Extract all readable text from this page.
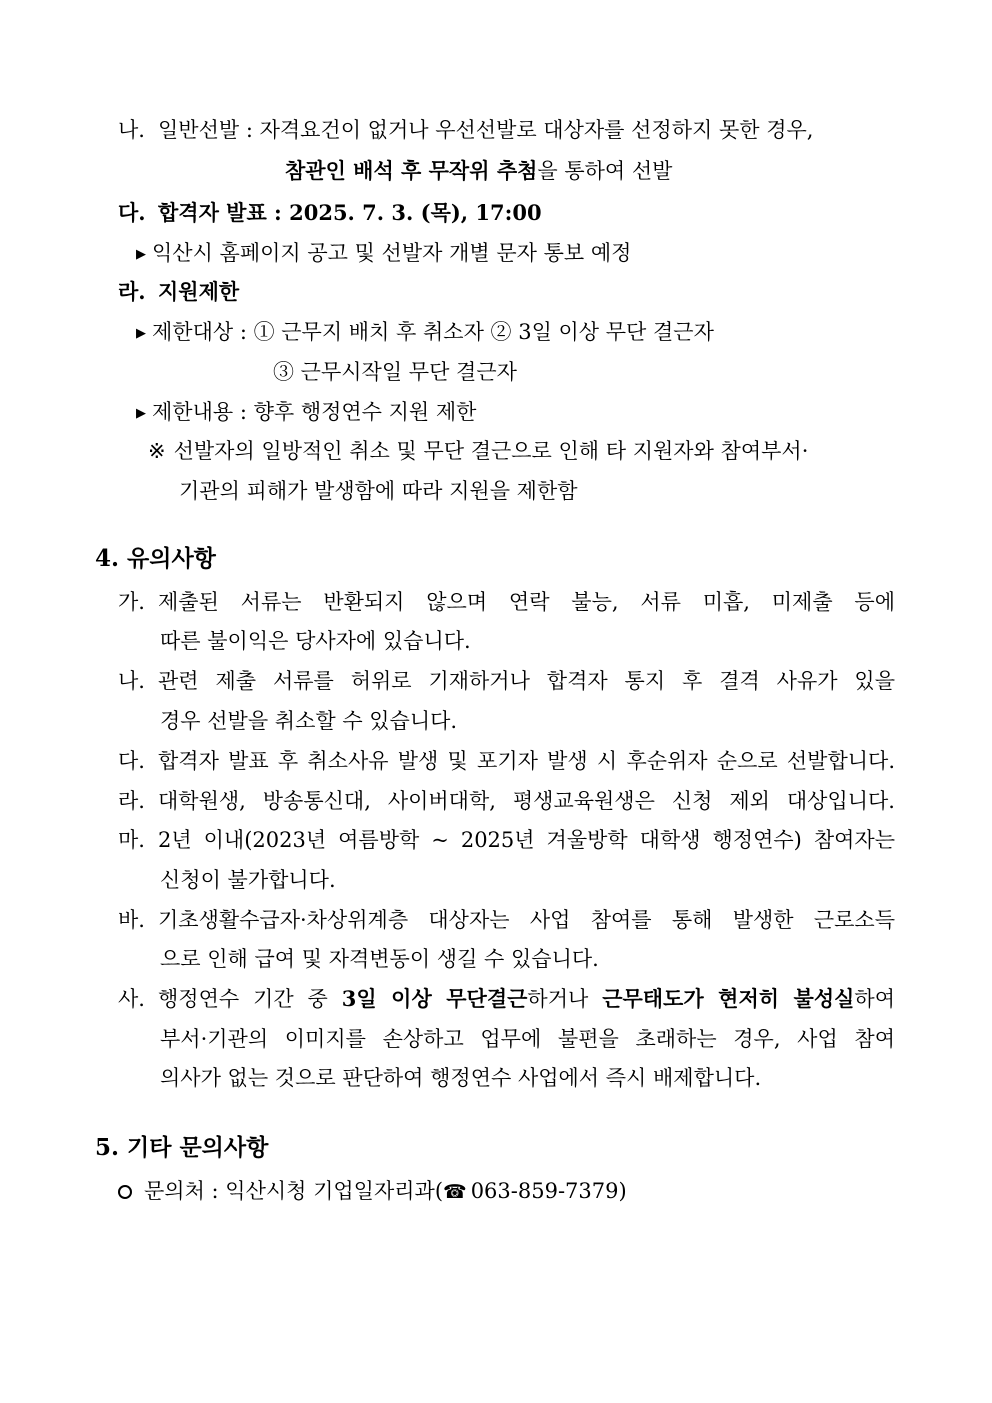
나. 일반선발 : 자격요건이 없거나 우선선발로 대상자를 선정하지 못한 경우,
참관인 배석 후 무작위 추첨을 통하여 선발
다. 합격자 발표 : 2025. 7. 3. (목), 17:00
▶ 익산시 홈페이지 공고 및 선발자 개별 문자 통보 예정
라. 지원제한
▶ 제한대상 : ① 근무지 배치 후 취소자 ② 3일 이상 무단 결근자
③ 근무시작일 무단 결근자
▶ 제한내용 : 향후 행정연수 지원 제한
※ 선발자의 일방적인 취소 및 무단 결근으로 인해 타 지원자와 참여부서·
기관의 피해가 발생함에 따라 지원을 제한함
4. 유의사항
가. 제출된 서류는 반환되지 않으며 연락 불능, 서류 미흡, 미제출 등에
따른 불이익은 당사자에 있습니다.
나. 관련 제출 서류를 허위로 기재하거나 합격자 통지 후 결격 사유가 있을
경우 선발을 취소할 수 있습니다.
다. 합격자 발표 후 취소사유 발생 및 포기자 발생 시 후순위자 순으로 선발합니다.
라. 대학원생, 방송통신대, 사이버대학, 평생교육원생은 신청 제외 대상입니다.
마. 2년 이내(2023년 여름방학 ~ 2025년 겨울방학 대학생 행정연수) 참여자는
신청이 불가합니다.
바. 기초생활수급자·차상위계층 대상자는 사업 참여를 통해 발생한 근로소득
으로 인해 급여 및 자격변동이 생길 수 있습니다.
사. 행정연수 기간 중 3일 이상 무단결근하거나 근무태도가 현저히 불성실하여
부서·기관의 이미지를 손상하고 업무에 불편을 초래하는 경우, 사업 참여
의사가 없는 것으로 판단하여 행정연수 사업에서 즉시 배제합니다.
5. 기타 문의사항
문의처 : 익산시청 기업일자리과(☎ 063-859-7379)
